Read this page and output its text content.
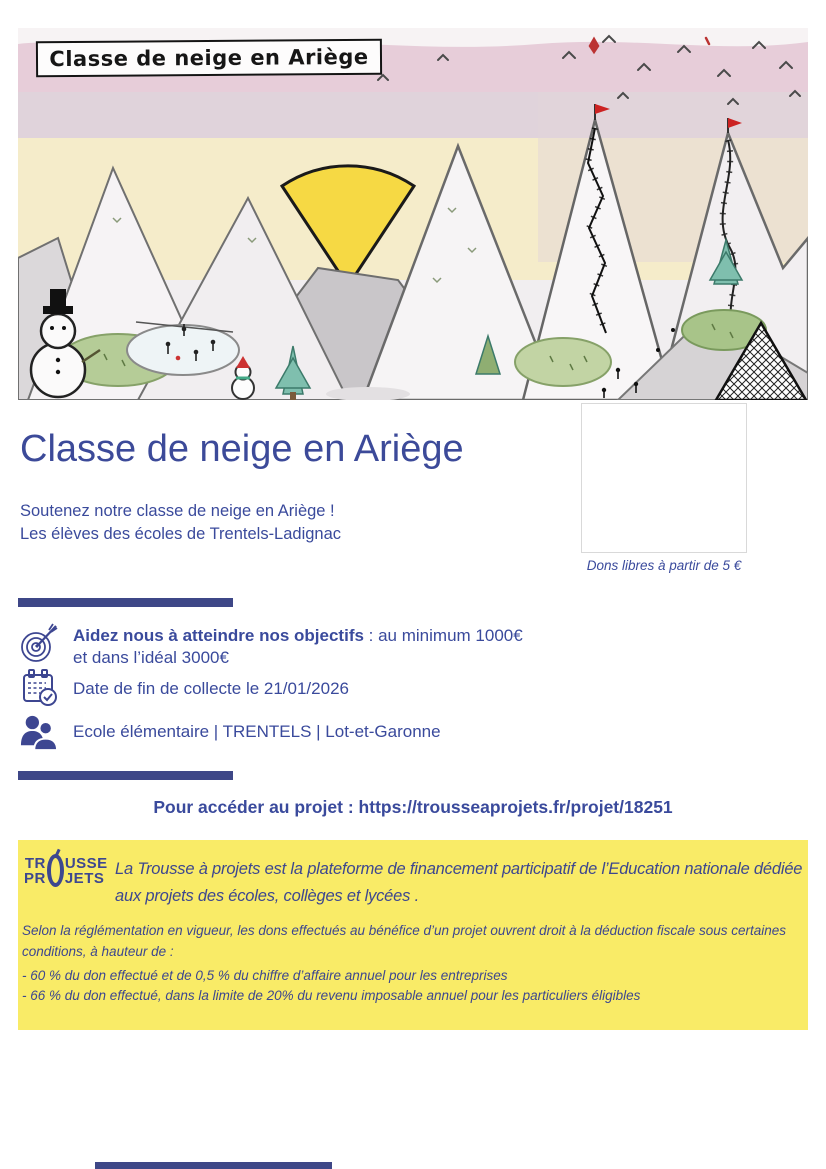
Classe de neige en Ariège
Classe de neige en Ariège
Soutenez notre classe de neige en Ariège !
Les élèves des écoles de Trentels-Ladignac
Dons libres à partir de 5 €
Aidez nous à atteindre nos objectifs : au minimum 1000€
et dans l’idéal 3000€
Date de fin de collecte le 21/01/2026
Ecole élémentaire | TRENTELS | Lot-et-Garonne
Pour accéder au projet : https://trousseaprojets.fr/projet/18251
TR
PR
USSE
JETS La Trousse à projets est la plateforme de financement participatif de l’Education nationale dédiée aux projets des écoles, collèges et lycées .
Selon la réglémentation en vigueur, les dons effectués au bénéfice d’un projet ouvrent droit à la déduction fiscale sous certaines conditions, à hauteur de :
- 60 % du don effectué et de 0,5 % du chiffre d’affaire annuel pour les entreprises
- 66 % du don effectué, dans la limite de 20% du revenu imposable annuel pour les particuliers éligibles
